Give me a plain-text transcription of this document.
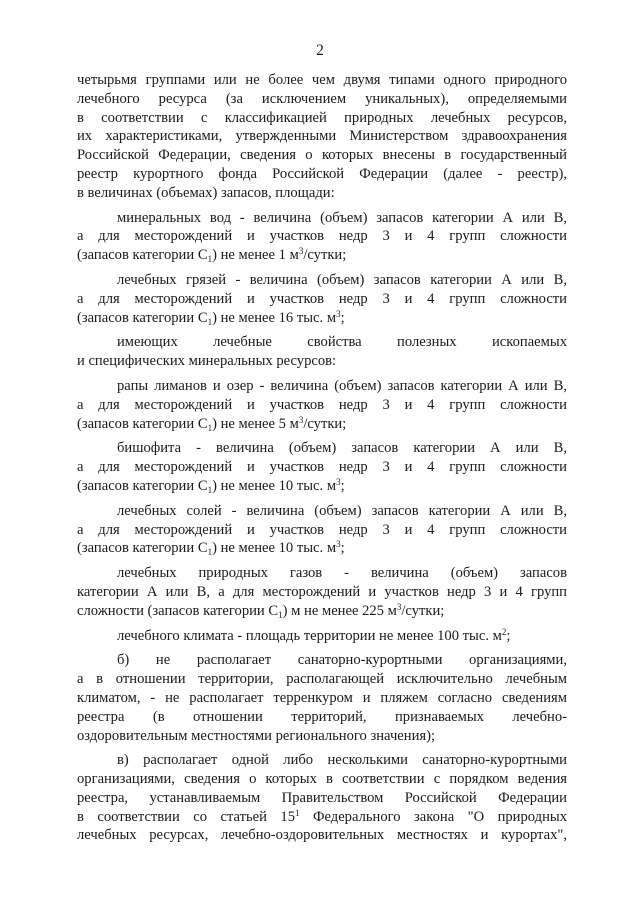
2

четырьмя группами или не более чем двумя типами одного природного

лечебного ресурса (за исключением уникальных), определяемыми

в соответствии с классификацией природных лечебных ресурсов,

их характеристиками, утвержденными Министерством здравоохранения

Российской Федерации, сведения о которых внесены в государственный

реестр курортного фонда Российской Федерации (далее - реестр),

в величинах (объемах) запасов, площади:

минеральных вод - величина (объем) запасов категории А или В,

а для месторождений и участков недр 3 и 4 групп сложности

(запасов категории $С_1$) не менее 1 $м^3$/сутки;

лечебных грязей - величина (объем) запасов категории А или В,

а для месторождений и участков недр 3 и 4 групп сложности

(запасов категории $С_1$) не менее 16 тыс. $м^3$;

имеющих лечебные свойства полезных ископаемых

и специфических минеральных ресурсов:

рапы лиманов и озер - величина (объем) запасов категории А или В,

а для месторождений и участков недр 3 и 4 групп сложности

(запасов категории $С_1$) не менее 5 $м^3$/сутки;

бишофита - величина (объем) запасов категории А или В,

а для месторождений и участков недр 3 и 4 групп сложности

(запасов категории $С_1$) не менее 10 тыс. $м^3$;

лечебных солей - величина (объем) запасов категории А или В,

а для месторождений и участков недр 3 и 4 групп сложности

(запасов категории $С_1$) не менее 10 тыс. $м^3$;

лечебных природных газов - величина (объем) запасов

категории А или В, а для месторождений и участков недр 3 и 4 групп

сложности (запасов категории $С_1$) м не менее 225 $м^3$/сутки;

лечебного климата - площадь территории не менее 100 тыс. $м^2$;

б) не располагает санаторно-курортными организациями,

а в отношении территории, располагающей исключительно лечебным

климатом, - не располагает терренкуром и пляжем согласно сведениям

реестра (в отношении территорий, признаваемых лечебно-

оздоровительным местностями регионального значения);

в) располагает одной либо несколькими санаторно-курортными

организациями, сведения о которых в соответствии с порядком ведения

реестра, устанавливаемым Правительством Российской Федерации

в соответствии со статьей $15^1$ Федерального закона "О природных

лечебных ресурсах, лечебно-оздоровительных местностях и курортах",
